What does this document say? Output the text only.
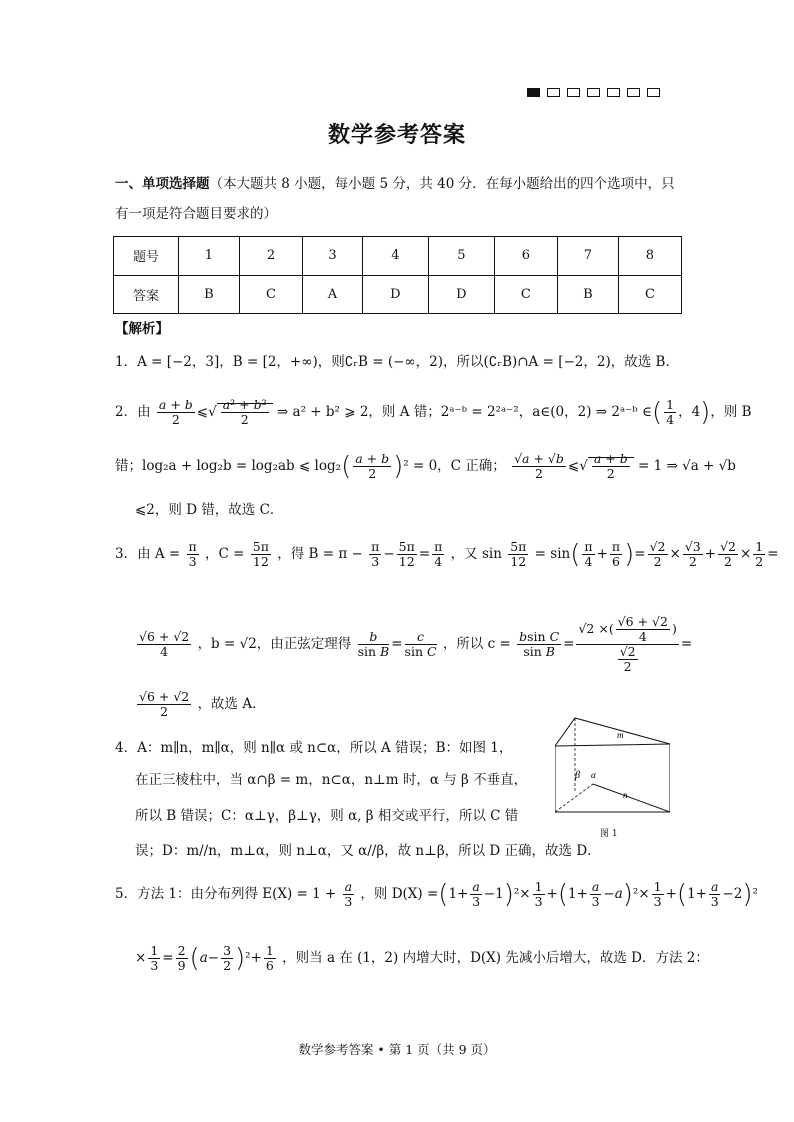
数学参考答案
一、单项选择题（本大题共 8 小题，每小题 5 分，共 40 分．在每小题给出的四个选项中，只
有一项是符合题目要求的）
题号	1	2	3	4	5	6	7	8
答案	B	C	A	D	D	C	B	C
【解析】
1．A = [−2，3]，B = [2，+∞)，则∁ᵣB = (−∞，2)，所以(∁ᵣB)∩A = [−2，2)，故选 B．
2．由 $\frac{a + b}{2}$ ⩽√ $\frac{\text{a² + b²}}{2}$ ⇒ a² + b² ⩾ 2，则 A 错；2ᵃ⁻ᵇ = 2²ᵃ⁻²，a∈(0，2) ⇒ 2ᵃ⁻ᵇ ∈( $\frac{1}{4}$ ，4)，则 B
错；log₂a + log₂b = log₂ab ⩽ $\log_2( \frac{a + b}{2} )^2 = 0$，C 正确； $\frac{√a + √b}{2}$ ⩽√ $\frac{a + b}{2} = 1$ ⇒ √a + √b
⩽2，则 D 错，故选 C．
3．由 $A = \frac{\pi}{3}$ ，$C = \frac{5\pi}{12}$ ，得 $B = \pi - \frac{\pi}{3} - \frac{5\pi}{12} = \frac{\pi}{4}$ ，又 $\sin \frac{5\pi}{12} = \sin( \frac{\pi}{4} + \frac{\pi}{6}$ )= $\frac{√2}{2} \times \frac{√3}{2} + \frac{√2}{2} \times \frac{1}{2}$ =
$\frac{√6 + √2}{4}$ ，b = √2，由正弦定理得 $\frac{b}{\text{sin B}} = \frac{c}{\text{sin C}}$ ，所以 $c = \frac{\text{bsin C}}{\text{sin B}} = \frac{√2 \times( \frac{√6 + √2}{4} )}{\frac{√2}{2}}$ =
$\frac{√6 + √2}{2}$ ，故选 A．
4．A：m∥n，m∥α，则 n∥α 或 n⊂α，所以 A 错误；B：如图 1，
在正三棱柱中，当 α∩β = m，n⊂α，n⊥m 时，α 与 β 不垂直，
所以 B 错误；C：α⊥γ，β⊥γ，则 α, β 相交或平行，所以 C 错
误；D：m//n，m⊥α，则 n⊥α，又 α//β，故 n⊥β，所以 D 正确，故选 D．
m
β α
n
图 1
5．方法 1：由分布列得 $E(X) = 1 + \frac{a}{3}$ ，则 $D(X) =(1+ \frac{a}{3} -1)^2\times \frac{1}{3} +(1+ \frac{a}{3} -a)^2\times \frac{1}{3} +(1+ \frac{a}{3} -2)^2$
× $\frac{1}{3} = \frac{2}{9} (a- \frac{3}{2} )^2+ \frac{1}{6}$ ，则当 a 在 (1，2) 内增大时，D(X) 先减小后增大，故选 D．方法 2：
数学参考答案 • 第 1 页（共 9 页）
